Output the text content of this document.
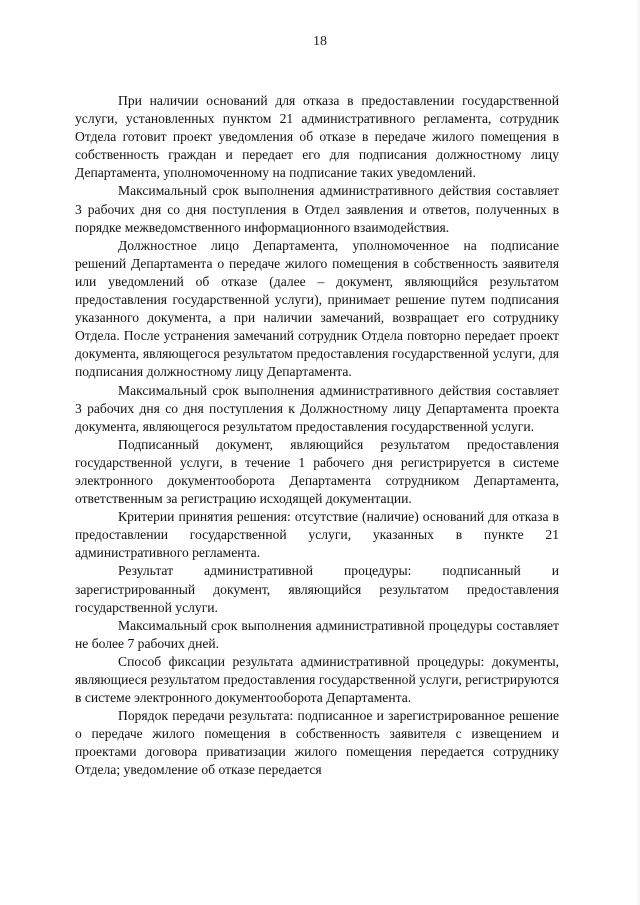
18

При наличии оснований для отказа в предоставлении государственной услуги, установленных пунктом 21 административного регламента, сотрудник Отдела готовит проект уведомления об отказе в передаче жилого помещения в собственность граждан и передает его для подписания должностному лицу Департамента, уполномоченному на подписание таких уведомлений.

Максимальный срок выполнения административного действия составляет 3 рабочих дня со дня поступления в Отдел заявления и ответов, полученных в порядке межведомственного информационного взаимодействия.

Должностное лицо Департамента, уполномоченное на подписание решений Департамента о передаче жилого помещения в собственность заявителя или уведомлений об отказе (далее – документ, являющийся результатом предоставления государственной услуги), принимает решение путем подписания указанного документа, а при наличии замечаний, возвращает его сотруднику Отдела. После устранения замечаний сотрудник Отдела повторно передает проект документа, являющегося результатом предоставления государственной услуги, для подписания должностному лицу Департамента.

Максимальный срок выполнения административного действия составляет 3 рабочих дня со дня поступления к Должностному лицу Департамента проекта документа, являющегося результатом предоставления государственной услуги.

Подписанный документ, являющийся результатом предоставления государственной услуги, в течение 1 рабочего дня регистрируется в системе электронного документооборота Департамента сотрудником Департамента, ответственным за регистрацию исходящей документации.

Критерии принятия решения: отсутствие (наличие) оснований для отказа в предоставлении государственной услуги, указанных в пункте 21 административного регламента.

Результат административной процедуры: подписанный и зарегистрированный документ, являющийся результатом предоставления государственной услуги.

Максимальный срок выполнения административной процедуры составляет не более 7 рабочих дней.

Способ фиксации результата административной процедуры: документы, являющиеся результатом предоставления государственной услуги, регистрируются в системе электронного документооборота Департамента.

Порядок передачи результата: подписанное и зарегистрированное решение о передаче жилого помещения в собственность заявителя с извещением и проектами договора приватизации жилого помещения передается сотруднику Отдела; уведомление об отказе передается
